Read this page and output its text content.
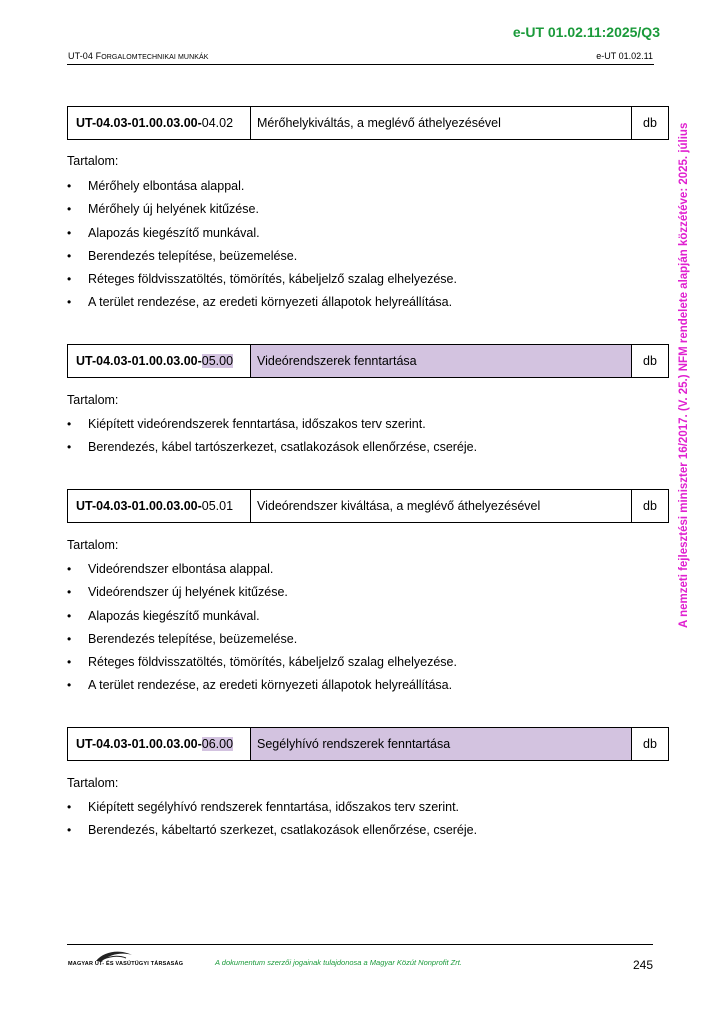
e-UT 01.02.11:2025/Q3
UT-04 FORGALOMTECHNIKAI MUNKÁK	e-UT 01.02.11
A nemzeti fejlesztési miniszter 16/2017. (V. 25.) NFM rendelete alapján közzétéve: 2025. július
UT-04.03-01.00.03.00- 04.02	Mérőhelykiváltás, a meglévő áthelyezésével	db
Tartalom:
• Mérőhely elbontása alappal.
• Mérőhely új helyének kitűzése.
• Alapozás kiegészítő munkával.
• Berendezés telepítése, beüzemelése.
• Réteges földvisszatöltés, tömörítés, kábeljelző szalag elhelyezése.
• A terület rendezése, az eredeti környezeti állapotok helyreállítása.
UT-04.03-01.00.03.00- 05.00	Videórendszerek fenntartása	db
Tartalom:
• Kiépített videórendszerek fenntartása, időszakos terv szerint.
• Berendezés, kábel tartószerkezet, csatlakozások ellenőrzése, cseréje.
UT-04.03-01.00.03.00- 05.01	Videórendszer kiváltása, a meglévő áthelyezésével	db
Tartalom:
• Videórendszer elbontása alappal.
• Videórendszer új helyének kitűzése.
• Alapozás kiegészítő munkával.
• Berendezés telepítése, beüzemelése.
• Réteges földvisszatöltés, tömörítés, kábeljelző szalag elhelyezése.
• A terület rendezése, az eredeti környezeti állapotok helyreállítása.
UT-04.03-01.00.03.00- 06.00	Segélyhívó rendszerek fenntartása	db
Tartalom:
• Kiépített segélyhívó rendszerek fenntartása, időszakos terv szerint.
• Berendezés, kábeltartó szerkezet, csatlakozások ellenőrzése, cseréje.
MAGYAR ÚT- ÉS VASÚTÜGYI TÁRSASÁG	A dokumentum szerzői jogainak tulajdonosa a Magyar Közút Nonprofit Zrt.	245
